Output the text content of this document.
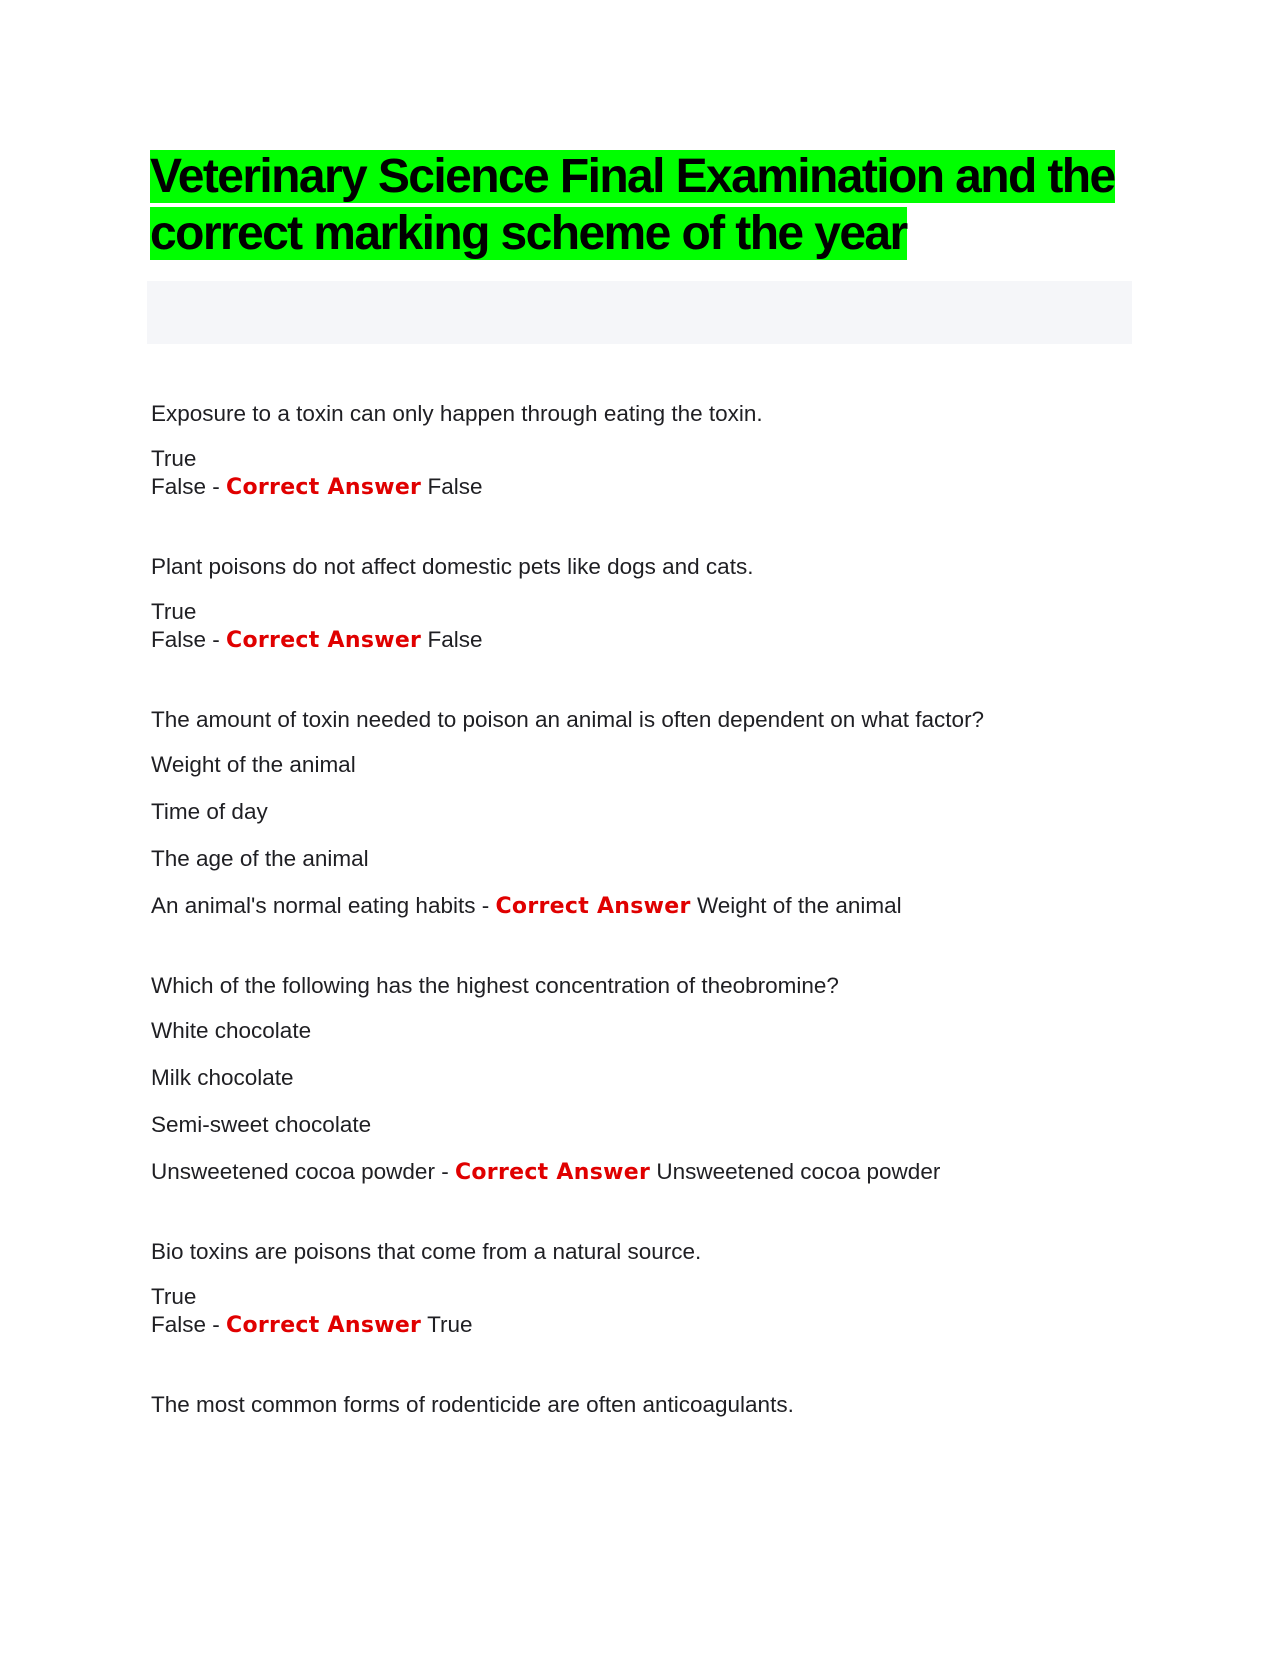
Veterinary Science Final Examination and the
correct marking scheme of the year

Exposure to a toxin can only happen through eating the toxin.

True

False - Correct Answer False

Plant poisons do not affect domestic pets like dogs and cats.

True

False - Correct Answer False

The amount of toxin needed to poison an animal is often dependent on what factor?

Weight of the animal

Time of day

The age of the animal

An animal's normal eating habits - Correct Answer Weight of the animal

Which of the following has the highest concentration of theobromine?

White chocolate

Milk chocolate

Semi-sweet chocolate

Unsweetened cocoa powder - Correct Answer Unsweetened cocoa powder

Bio toxins are poisons that come from a natural source.

True

False - Correct Answer True

The most common forms of rodenticide are often anticoagulants.
